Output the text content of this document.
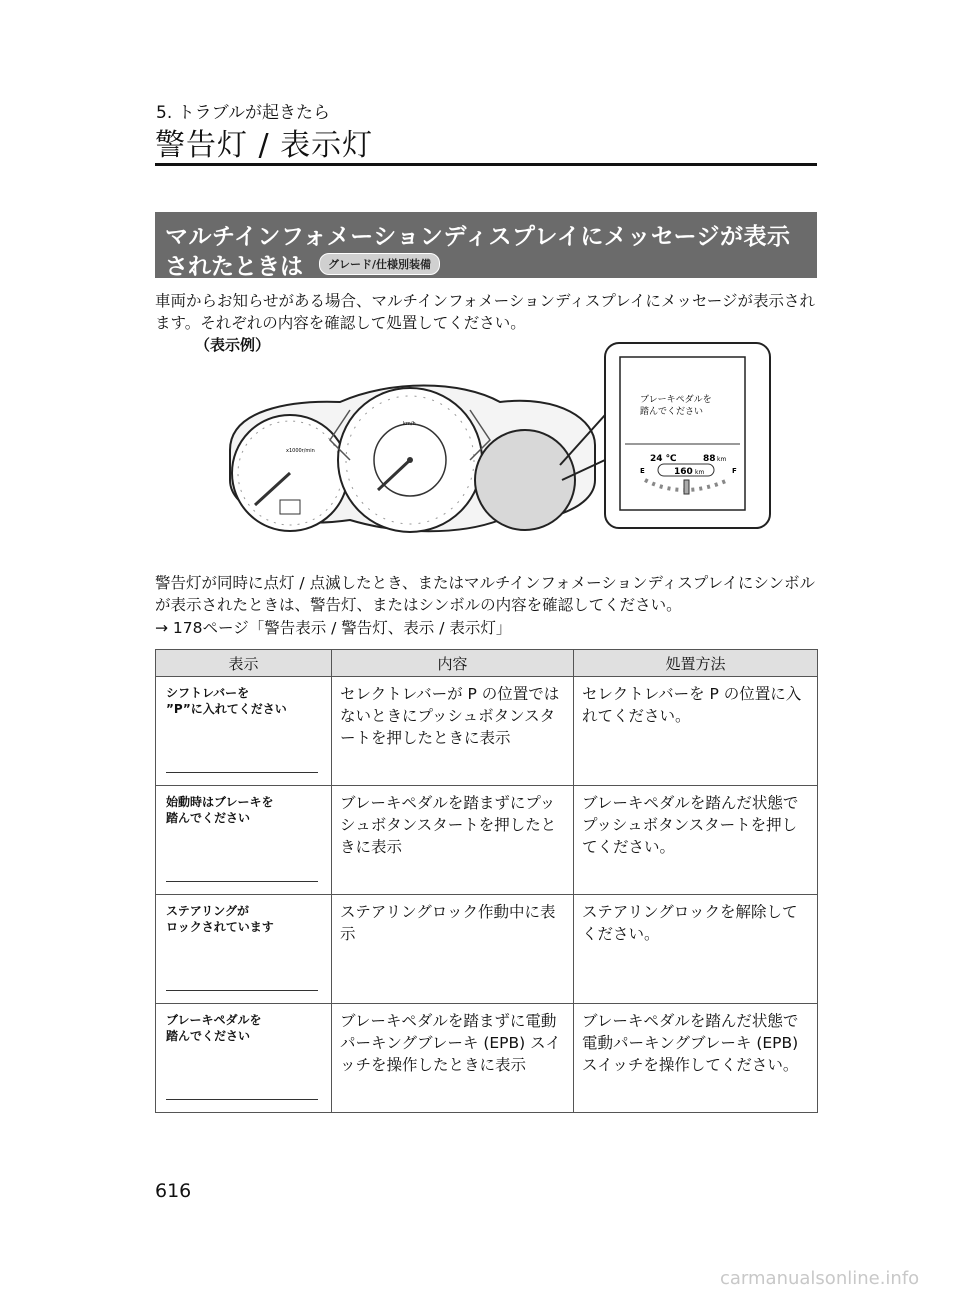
5. トラブルが起きたら
警告灯 / 表示灯
マルチインフォメーションディスプレイにメッセージが表示
されたときは	グレード/仕様別装備
車両からお知らせがある場合、マルチインフォメーションディスプレイにメッセージが表示されます。それぞれの内容を確認して処置してください。
（表示例）
x1000r/min
km/h
ブレーキペダルを
踏んでください
24 ℃	88 km
160 km
E	F
警告灯が同時に点灯 / 点滅したとき、またはマルチインフォメーションディスプレイにシンボルが表示されたときは、警告灯、またはシンボルの内容を確認してください。
→ 178ページ「警告表示 / 警告灯、表示 / 表示灯」
表示	内容	処置方法

シフトレバーを
”P”に入れてください	セレクトレバーが P の位置ではないときにプッシュボタンスタートを押したときに表示	セレクトレバーを P の位置に入れてください。

始動時はブレーキを
踏んでください	ブレーキペダルを踏まずにプッシュボタンスタートを押したときに表示	ブレーキペダルを踏んだ状態でプッシュボタンスタートを押してください。

ステアリングが
ロックされています	ステアリングロック作動中に表示	ステアリングロックを解除してください。

ブレーキペダルを
踏んでください	ブレーキペダルを踏まずに電動パーキングブレーキ (EPB) スイッチを操作したときに表示	ブレーキペダルを踏んだ状態で電動パーキングブレーキ (EPB) スイッチを操作してください。
616
carmanualsonline.info
